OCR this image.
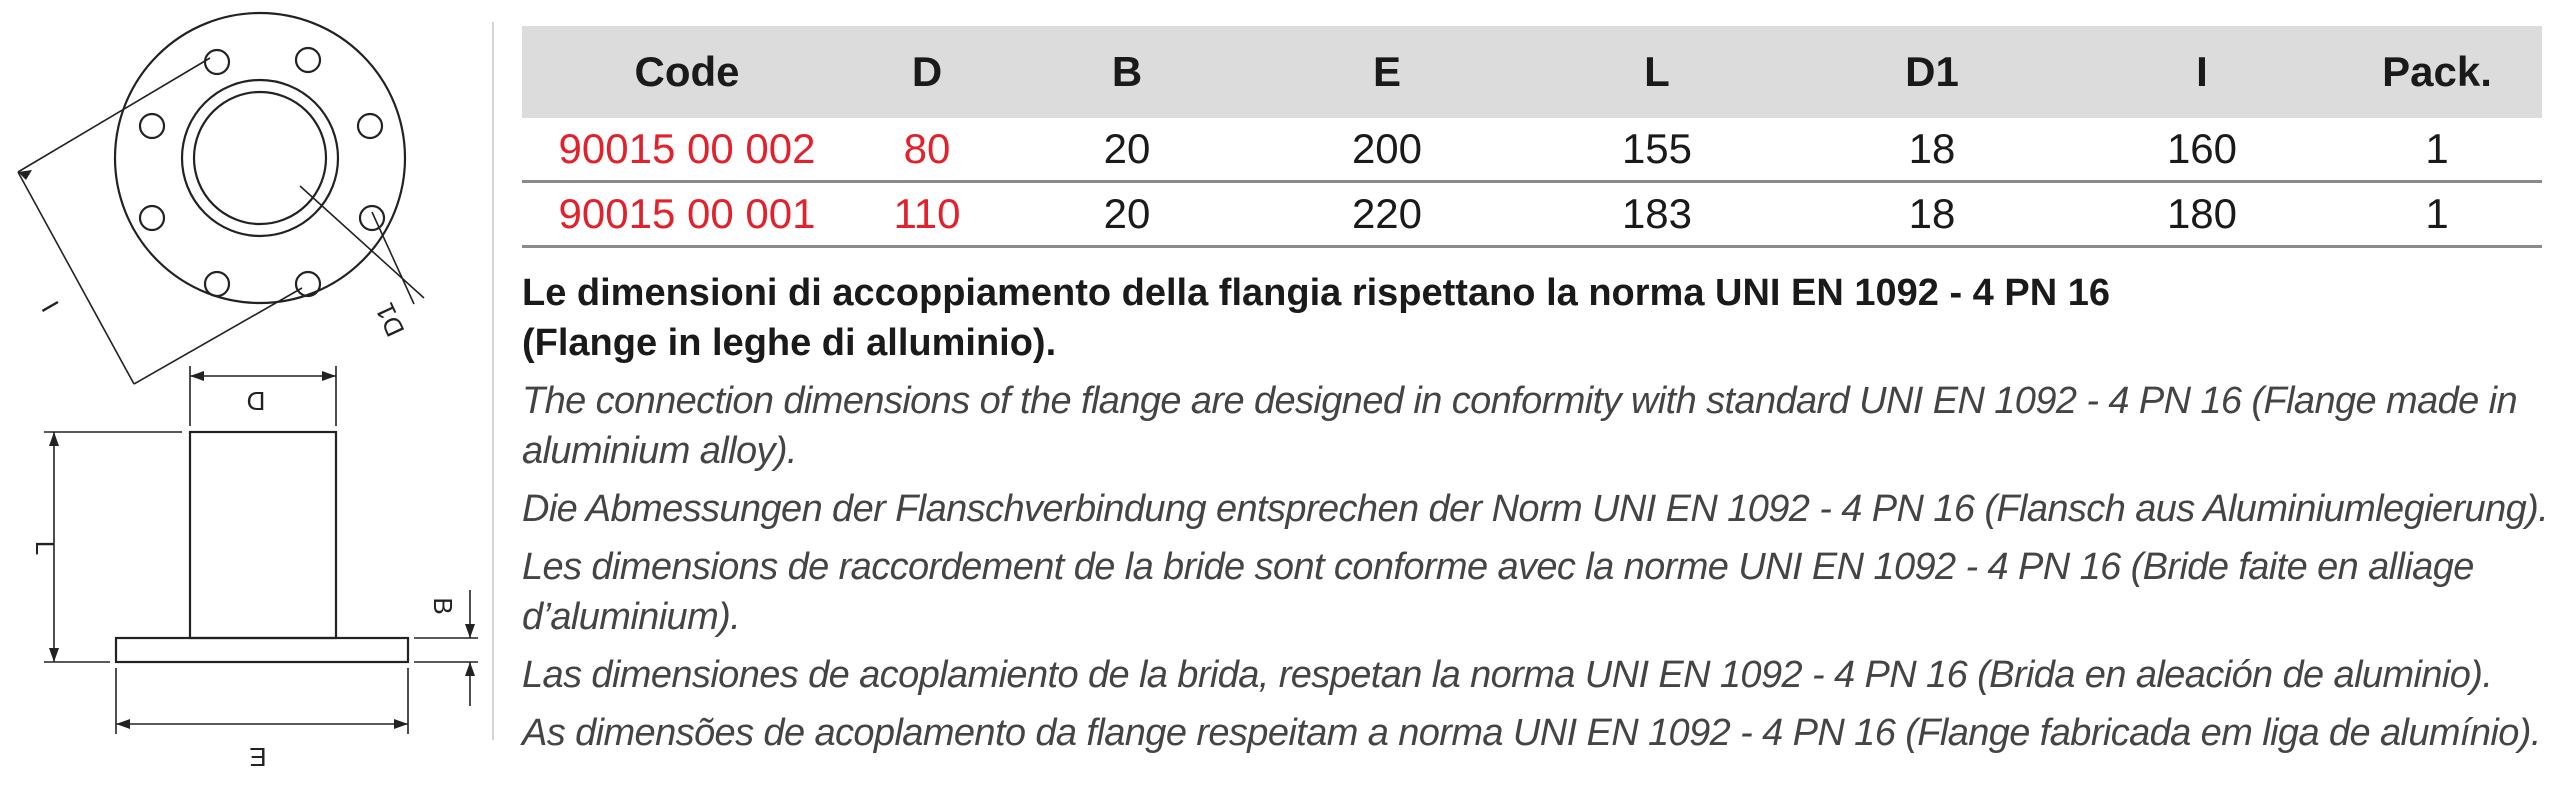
D
L
B
E
I	D1
Code	D	B	E	L	D1	I	Pack.
90015 00 002	80	20	200	155	18	160	1
90015 00 001	110	20	220	183	18	180	1
Le dimensioni di accoppiamento della flangia rispettano la norma UNI EN 1092 - 4 PN 16
(Flange in leghe di alluminio).

The connection dimensions of the flange are designed in conformity with standard UNI EN 1092 - 4 PN 16 (Flange made in aluminium alloy).

Die Abmessungen der Flanschverbindung entsprechen der Norm UNI EN 1092 - 4 PN 16 (Flansch aus Aluminiumlegierung).

Les dimensions de raccordement de la bride sont conforme avec la norme UNI EN 1092 - 4 PN 16 (Bride faite en alliage d’aluminium).

Las dimensiones de acoplamiento de la brida, respetan la norma UNI EN 1092 - 4 PN 16 (Brida en aleación de aluminio).

As dimensões de acoplamento da flange respeitam a norma UNI EN 1092 - 4 PN 16 (Flange fabricada em liga de alumínio).
